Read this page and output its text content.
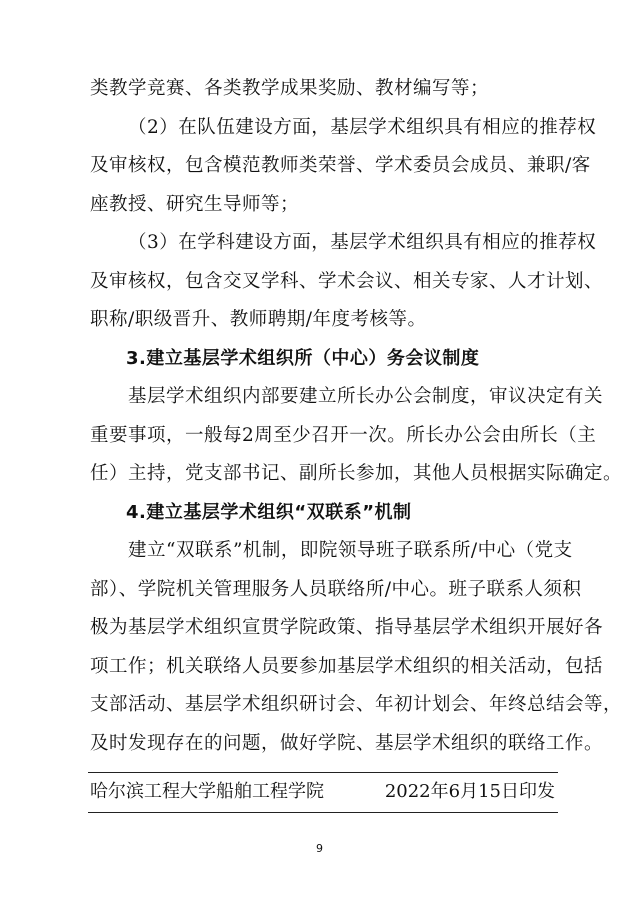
类教学竞赛、各类教学成果奖励、教材编写等；
（2）在队伍建设方面，基层学术组织具有相应的推荐权
及审核权，包含模范教师类荣誉、学术委员会成员、兼职/客
座教授、研究生导师等；
（3）在学科建设方面，基层学术组织具有相应的推荐权
及审核权，包含交叉学科、学术会议、相关专家、人才计划、
职称/职级晋升、教师聘期/年度考核等。
3.建立基层学术组织所（中心）务会议制度
基层学术组织内部要建立所长办公会制度，审议决定有关
重要事项，一般每2周至少召开一次。所长办公会由所长（主
任）主持，党支部书记、副所长参加，其他人员根据实际确定。
4.建立基层学术组织“双联系”机制
建立“双联系”机制，即院领导班子联系所/中心（党支
部）、学院机关管理服务人员联络所/中心。班子联系人须积
极为基层学术组织宣贯学院政策、指导基层学术组织开展好各
项工作；机关联络人员要参加基层学术组织的相关活动，包括
支部活动、基层学术组织研讨会、年初计划会、年终总结会等，
及时发现存在的问题，做好学院、基层学术组织的联络工作。
哈尔滨工程大学船舶工程学院	2022年6月15日印发
9
